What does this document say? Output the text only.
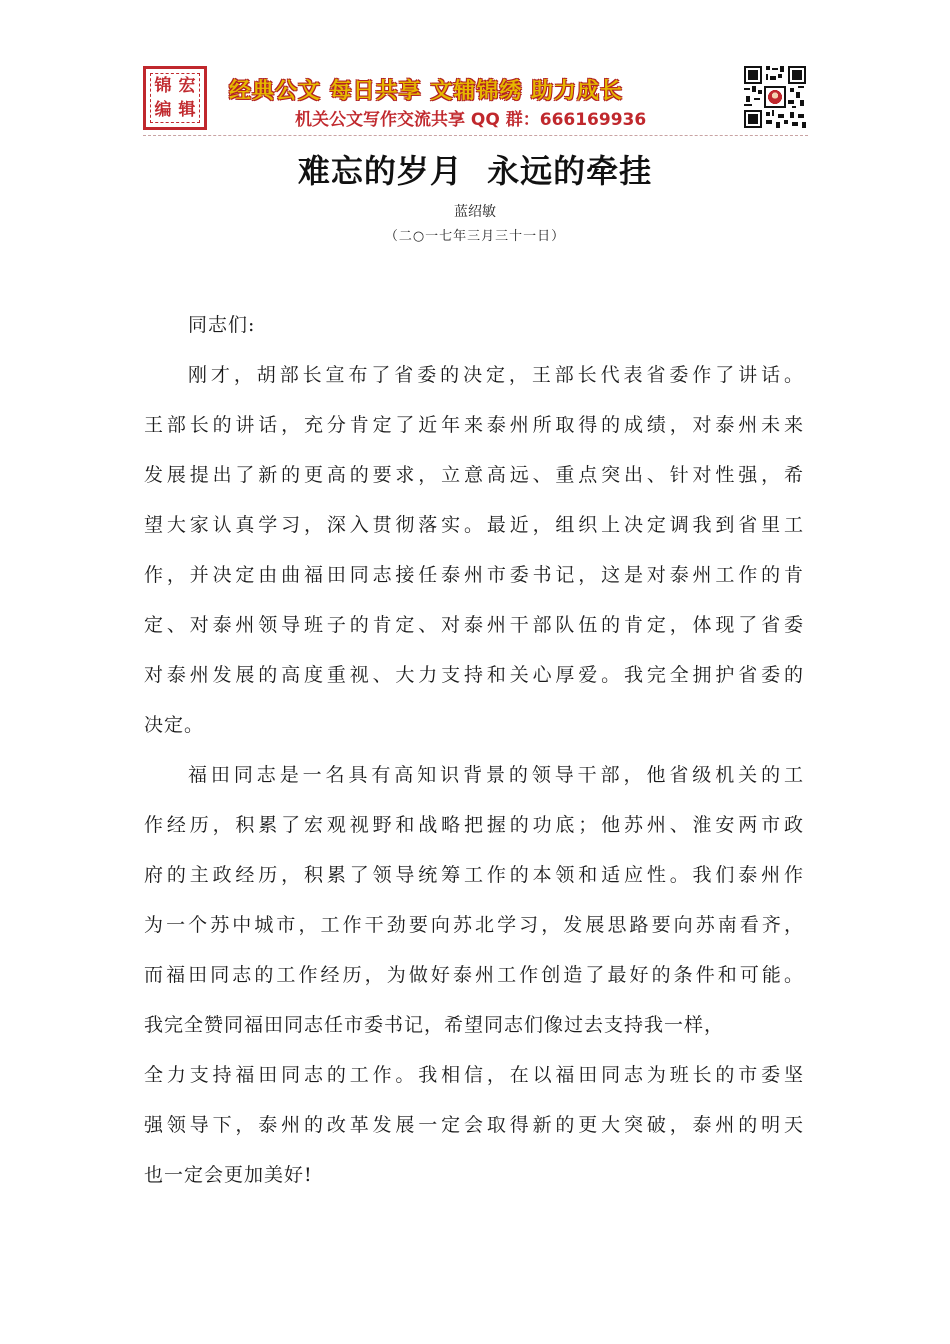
锦 宏
编 辑
经典公文 每日共享 文辅锦绣 助力成长
机关公文写作交流共享 QQ 群：666169936
难忘的岁月  永远的牵挂
蓝绍敏
（二○一七年三月三十一日）
同志们:
刚才，胡部长宣布了省委的决定，王部长代表省委作了讲话。
王部长的讲话，充分肯定了近年来泰州所取得的成绩，对泰州未来
发展提出了新的更高的要求，立意高远、重点突出、针对性强，希
望大家认真学习，深入贯彻落实。最近，组织上决定调我到省里工
作，并决定由曲福田同志接任泰州市委书记，这是对泰州工作的肯
定、对泰州领导班子的肯定、对泰州干部队伍的肯定，体现了省委
对泰州发展的高度重视、大力支持和关心厚爱。我完全拥护省委的
决定。
福田同志是一名具有高知识背景的领导干部，他省级机关的工
作经历，积累了宏观视野和战略把握的功底；他苏州、淮安两市政
府的主政经历，积累了领导统筹工作的本领和适应性。我们泰州作
为一个苏中城市，工作干劲要向苏北学习，发展思路要向苏南看齐，
而福田同志的工作经历，为做好泰州工作创造了最好的条件和可能。
我完全赞同福田同志任市委书记，希望同志们像过去支持我一样，
全力支持福田同志的工作。我相信，在以福田同志为班长的市委坚
强领导下，泰州的改革发展一定会取得新的更大突破，泰州的明天
也一定会更加美好!
